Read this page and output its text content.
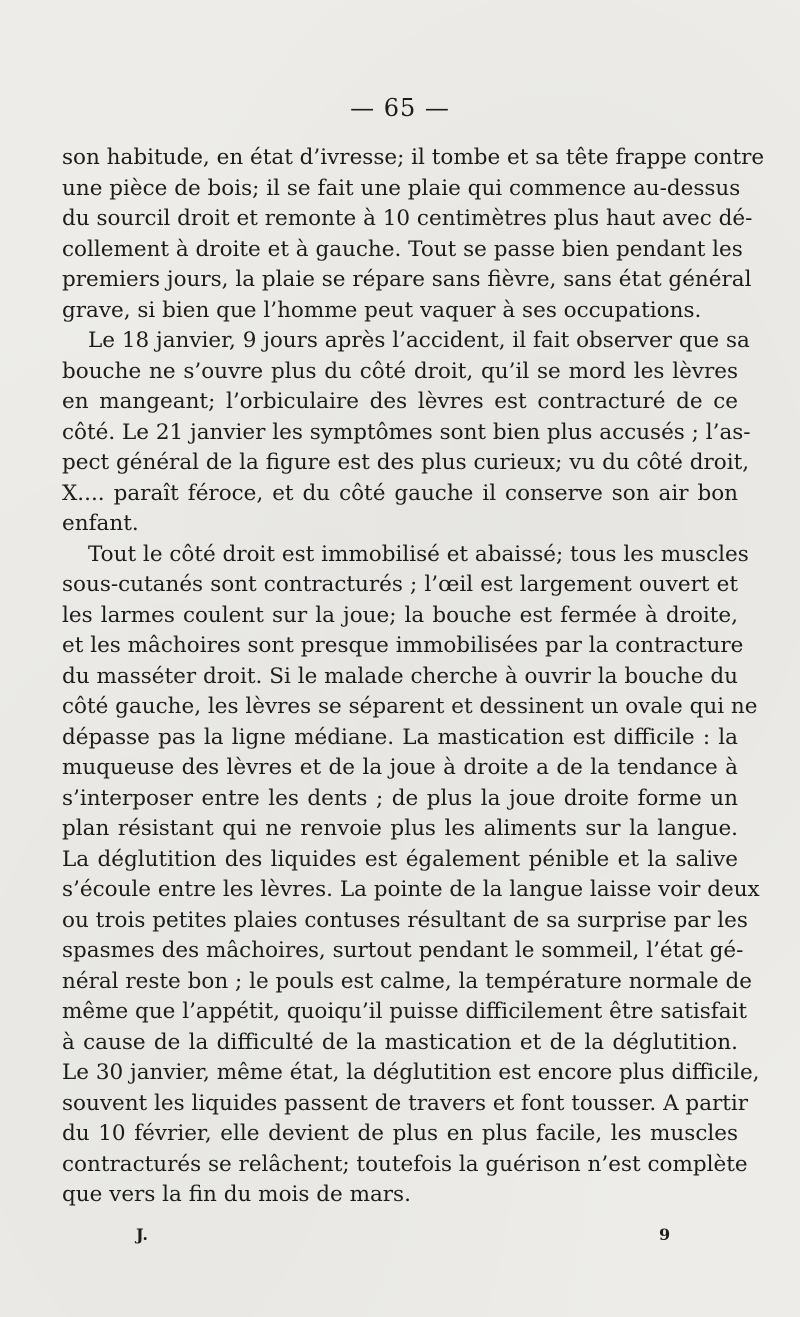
— 65 —
son habitude, en état d’ivresse; il tombe et sa tête frappe contre
une pièce de bois; il se fait une plaie qui commence au-dessus
du sourcil droit et remonte à 10 centimètres plus haut avec dé-
collement à droite et à gauche. Tout se passe bien pendant les
premiers jours, la plaie se répare sans fièvre, sans état général
grave, si bien que l’homme peut vaquer à ses occupations.
Le 18 janvier, 9 jours après l’accident, il fait observer que sa
bouche ne s’ouvre plus du côté droit, qu’il se mord les lèvres
en mangeant; l’orbiculaire des lèvres est contracturé de ce
côté. Le 21 janvier les symptômes sont bien plus accusés ; l’as-
pect général de la figure est des plus curieux; vu du côté droit,
X.... paraît féroce, et du côté gauche il conserve son air bon
enfant.
Tout le côté droit est immobilisé et abaissé; tous les muscles
sous-cutanés sont contracturés ; l’œil est largement ouvert et
les larmes coulent sur la joue; la bouche est fermée à droite,
et les mâchoires sont presque immobilisées par la contracture
du masséter droit. Si le malade cherche à ouvrir la bouche du
côté gauche, les lèvres se séparent et dessinent un ovale qui ne
dépasse pas la ligne médiane. La mastication est difficile : la
muqueuse des lèvres et de la joue à droite a de la tendance à
s’interposer entre les dents ; de plus la joue droite forme un
plan résistant qui ne renvoie plus les aliments sur la langue.
La déglutition des liquides est également pénible et la salive
s’écoule entre les lèvres. La pointe de la langue laisse voir deux
ou trois petites plaies contuses résultant de sa surprise par les
spasmes des mâchoires, surtout pendant le sommeil, l’état gé-
néral reste bon ; le pouls est calme, la température normale de
même que l’appétit, quoiqu’il puisse difficilement être satisfait
à cause de la difficulté de la mastication et de la déglutition.
Le 30 janvier, même état, la déglutition est encore plus difficile,
souvent les liquides passent de travers et font tousser. A partir
du 10 février, elle devient de plus en plus facile, les muscles
contracturés se relâchent; toutefois la guérison n’est complète
que vers la fin du mois de mars.
J.	9
